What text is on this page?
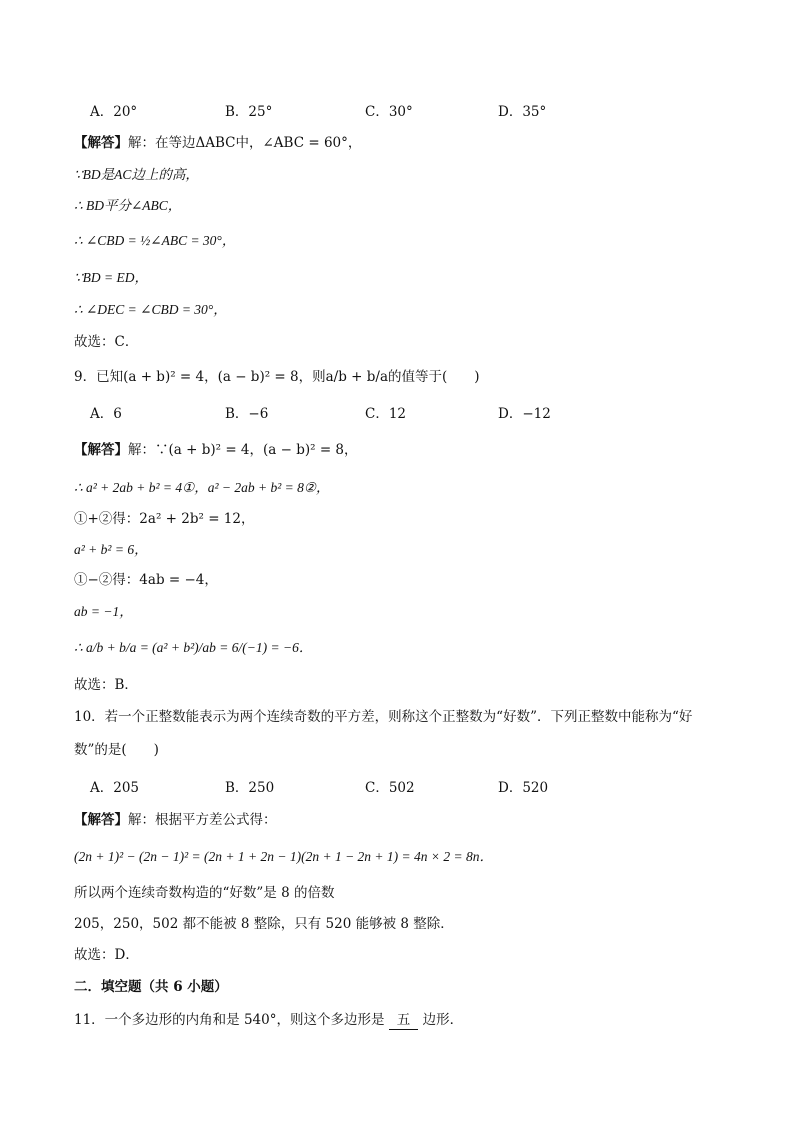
A．20°	B．25°	C．30°	D．35°
【解答】解：在等边ΔABC中，∠ABC = 60°，
∵BD是AC边上的高，
∴ BD平分∠ABC，
∴ ∠CBD = ½∠ABC = 30°，
∵BD = ED，
∴ ∠DEC = ∠CBD = 30°，
故选：C．
9．已知(a + b)² = 4，(a − b)² = 8，则a/b + b/a的值等于(　　)
A．6	B．−6	C．12	D．−12
【解答】解：∵(a + b)² = 4，(a − b)² = 8，
∴ a² + 2ab + b² = 4①，a² − 2ab + b² = 8②，
①+②得：2a² + 2b² = 12，
a² + b² = 6，
①−②得：4ab = −4，
ab = −1，
∴ a/b + b/a = (a² + b²)/ab = 6/(−1) = −6．
故选：B．
10．若一个正整数能表示为两个连续奇数的平方差，则称这个正整数为“好数”．下列正整数中能称为“好
数”的是(　　)
A．205	B．250	C．502	D．520
【解答】解：根据平方差公式得：
(2n + 1)² − (2n − 1)² = (2n + 1 + 2n − 1)(2n + 1 − 2n + 1) = 4n × 2 = 8n．
所以两个连续奇数构造的“好数”是 8 的倍数
205，250，502 都不能被 8 整除，只有 520 能够被 8 整除．
故选：D．
二．填空题（共 6 小题）
11．一个多边形的内角和是 540°，则这个多边形是 五 边形．
